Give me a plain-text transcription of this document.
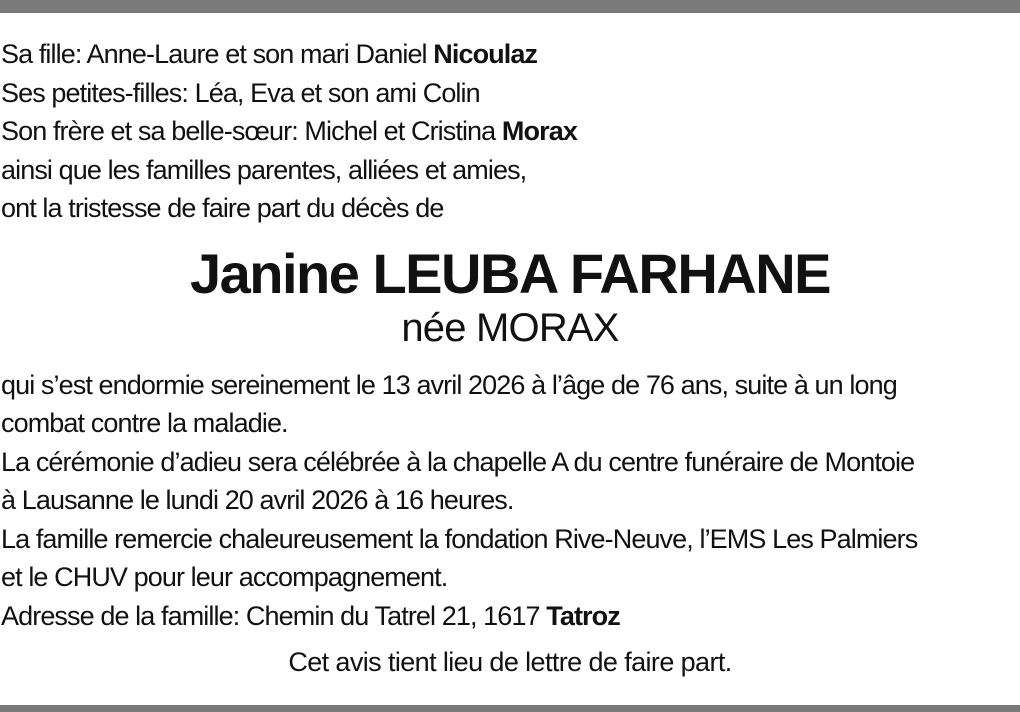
Sa fille: Anne-Laure et son mari Daniel Nicoulaz
Ses petites-filles: Léa, Eva et son ami Colin
Son frère et sa belle-sœur: Michel et Cristina Morax
ainsi que les familles parentes, alliées et amies,
ont la tristesse de faire part du décès de
Janine LEUBA FARHANE
née MORAX
qui s’est endormie sereinement le 13 avril 2026 à l’âge de 76 ans, suite à un long
combat contre la maladie.
La cérémonie d’adieu sera célébrée à la chapelle A du centre funéraire de Montoie
à Lausanne le lundi 20 avril 2026 à 16 heures.
La famille remercie chaleureusement la fondation Rive-Neuve, l’EMS Les Palmiers
et le CHUV pour leur accompagnement.
Adresse de la famille: Chemin du Tatrel 21, 1617 Tatroz
Cet avis tient lieu de lettre de faire part.
